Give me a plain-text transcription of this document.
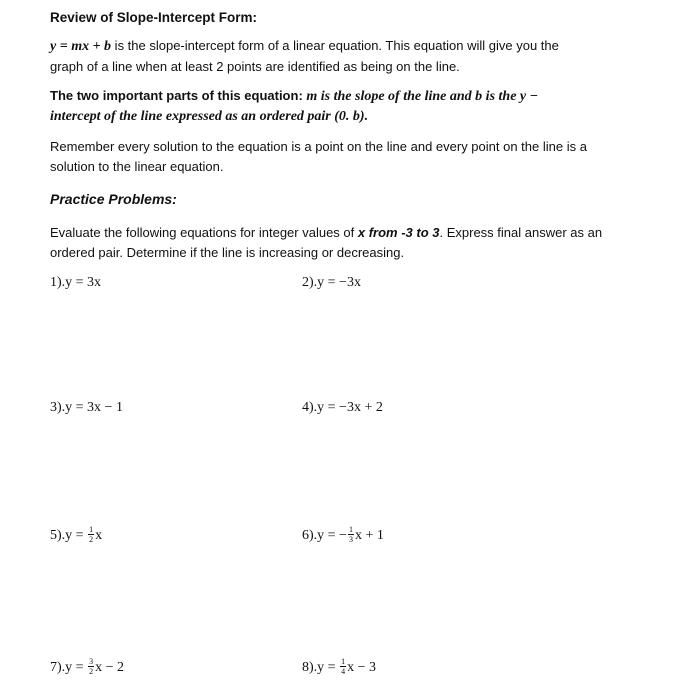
Review of Slope-Intercept Form:
y = mx + b is the slope-intercept form of a linear equation. This equation will give you the
graph of a line when at least 2 points are identified as being on the line.
The two important parts of this equation: m is the slope of the line and b is the y −
intercept of the line expressed as an ordered pair (0. b).
Remember every solution to the equation is a point on the line and every point on the line is a
solution to the linear equation.
Practice Problems:
Evaluate the following equations for integer values of x from -3 to 3. Express final answer as an
ordered pair. Determine if the line is increasing or decreasing.
1).y = 3x	2).y = −3x
3).y = 3x − 1	4).y = −3x + 2
$5).y = \frac{1}{2}$ x	6).y = − $\frac{1}{3}$ x + 1
$7).y = \frac{3}{2}$ x − 2	$8).y = \frac{1}{4}$ x − 3
